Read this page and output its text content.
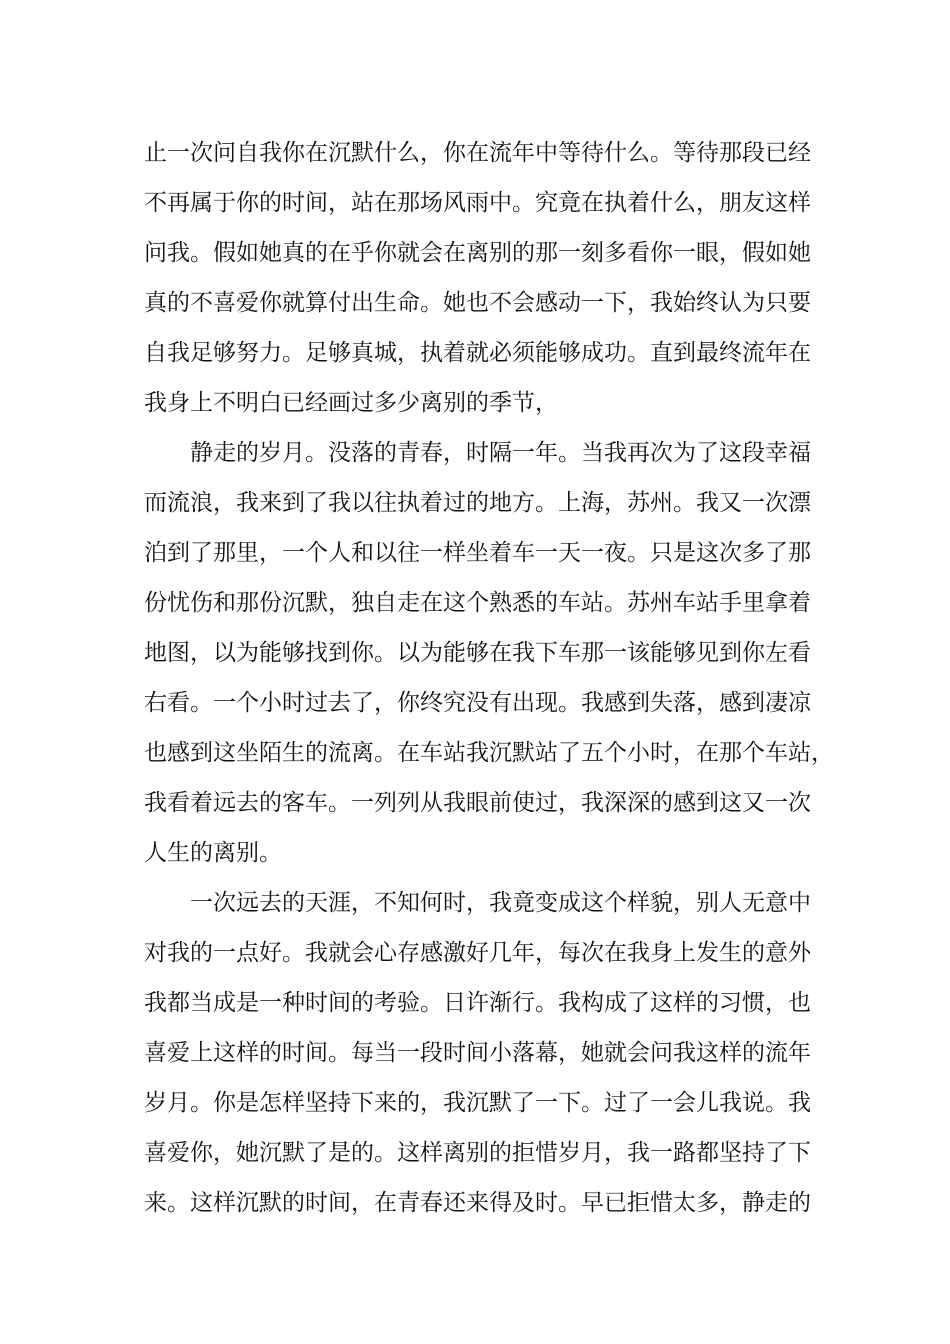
止一次问自我你在沉默什么，你在流年中等待什么。等待那段已经
不再属于你的时间，站在那场风雨中。究竟在执着什么，朋友这样
问我。假如她真的在乎你就会在离别的那一刻多看你一眼，假如她
真的不喜爱你就算付出生命。她也不会感动一下，我始终认为只要
自我足够努力。足够真城，执着就必须能够成功。直到最终流年在
我身上不明白已经画过多少离别的季节，
静走的岁月。没落的青春，时隔一年。当我再次为了这段幸福
而流浪，我来到了我以往执着过的地方。上海，苏州。我又一次漂
泊到了那里，一个人和以往一样坐着车一天一夜。只是这次多了那
份忧伤和那份沉默，独自走在这个熟悉的车站。苏州车站手里拿着
地图，以为能够找到你。以为能够在我下车那一该能够见到你左看
右看。一个小时过去了，你终究没有出现。我感到失落，感到凄凉
也感到这坐陌生的流离。在车站我沉默站了五个小时，在那个车站，
我看着远去的客车。一列列从我眼前使过，我深深的感到这又一次
人生的离别。
一次远去的天涯，不知何时，我竟变成这个样貌，别人无意中
对我的一点好。我就会心存感激好几年，每次在我身上发生的意外
我都当成是一种时间的考验。日许渐行。我构成了这样的习惯，也
喜爱上这样的时间。每当一段时间小落幕，她就会问我这样的流年
岁月。你是怎样坚持下来的，我沉默了一下。过了一会儿我说。我
喜爱你，她沉默了是的。这样离别的拒惜岁月，我一路都坚持了下
来。这样沉默的时间，在青春还来得及时。早已拒惜太多，静走的
